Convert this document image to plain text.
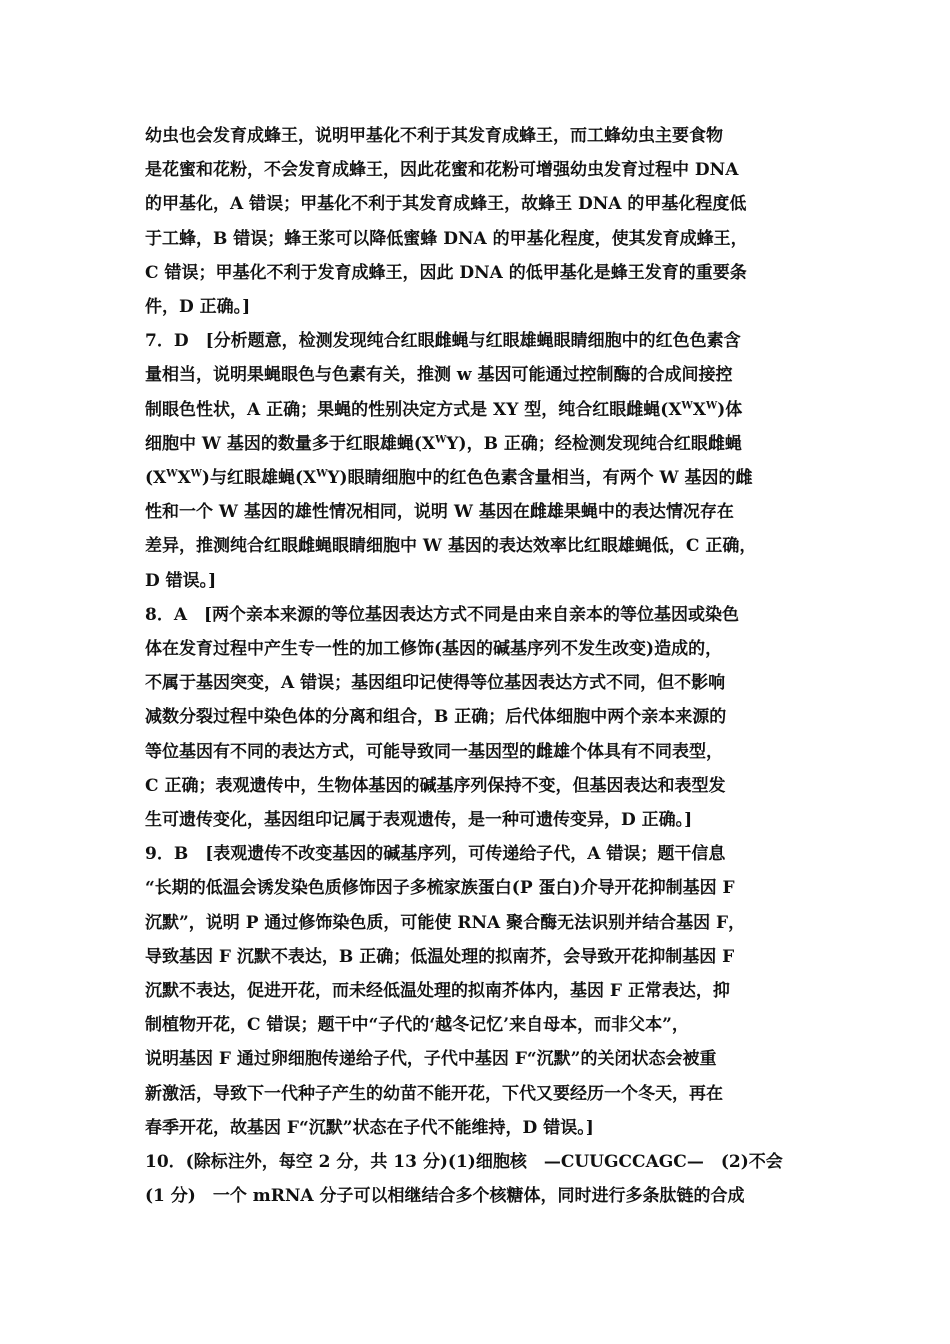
幼虫也会发育成蜂王，说明甲基化不利于其发育成蜂王，而工蜂幼虫主要食物
是花蜜和花粉，不会发育成蜂王，因此花蜜和花粉可增强幼虫发育过程中 DNA
的甲基化，A 错误；甲基化不利于其发育成蜂王，故蜂王 DNA 的甲基化程度低
于工蜂，B 错误；蜂王浆可以降低蜜蜂 DNA 的甲基化程度，使其发育成蜂王，
C 错误；甲基化不利于发育成蜂王，因此 DNA 的低甲基化是蜂王发育的重要条
件，D 正确。]

7．D　[分析题意，检测发现纯合红眼雌蝇与红眼雄蝇眼睛细胞中的红色色素含
量相当，说明果蝇眼色与色素有关，推测 w 基因可能通过控制酶的合成间接控
制眼色性状，A 正确；果蝇的性别决定方式是 XY 型，纯合红眼雌蝇$(X^WX^W)$体
细胞中 W 基因的数量多于红眼雄蝇$(X^WY)$，B 正确；经检测发现纯合红眼雌蝇
$(X^WX^W)$与红眼雄蝇$(X^WY)$眼睛细胞中的红色色素含量相当，有两个 W 基因的雌
性和一个 W 基因的雄性情况相同，说明 W 基因在雌雄果蝇中的表达情况存在
差异，推测纯合红眼雌蝇眼睛细胞中 W 基因的表达效率比红眼雄蝇低，C 正确，
D 错误。]

8．A　[两个亲本来源的等位基因表达方式不同是由来自亲本的等位基因或染色
体在发育过程中产生专一性的加工修饰(基因的碱基序列不发生改变)造成的，
不属于基因突变，A 错误；基因组印记使得等位基因表达方式不同，但不影响
减数分裂过程中染色体的分离和组合，B 正确；后代体细胞中两个亲本来源的
等位基因有不同的表达方式，可能导致同一基因型的雌雄个体具有不同表型，
C 正确；表观遗传中，生物体基因的碱基序列保持不变，但基因表达和表型发
生可遗传变化，基因组印记属于表观遗传，是一种可遗传变异，D 正确。]

9．B　[表观遗传不改变基因的碱基序列，可传递给子代，A 错误；题干信息
“长期的低温会诱发染色质修饰因子多梳家族蛋白(P 蛋白)介导开花抑制基因 F
沉默”，说明 P 通过修饰染色质，可能使 RNA 聚合酶无法识别并结合基因 F，
导致基因 F 沉默不表达，B 正确；低温处理的拟南芥，会导致开花抑制基因 F
沉默不表达，促进开花，而未经低温处理的拟南芥体内，基因 F 正常表达，抑
制植物开花，C 错误；题干中“子代的‘越冬记忆’来自母本，而非父本”，
说明基因 F 通过卵细胞传递给子代，子代中基因 F“沉默”的关闭状态会被重
新激活，导致下一代种子产生的幼苗不能开花，下代又要经历一个冬天，再在
春季开花，故基因 F“沉默”状态在子代不能维持，D 错误。]

10．(除标注外，每空 2 分，共 13 分)(1)细胞核　—CUUGCCAGC—　(2)不会
(1 分)　一个 mRNA 分子可以相继结合多个核糖体，同时进行多条肽链的合成
